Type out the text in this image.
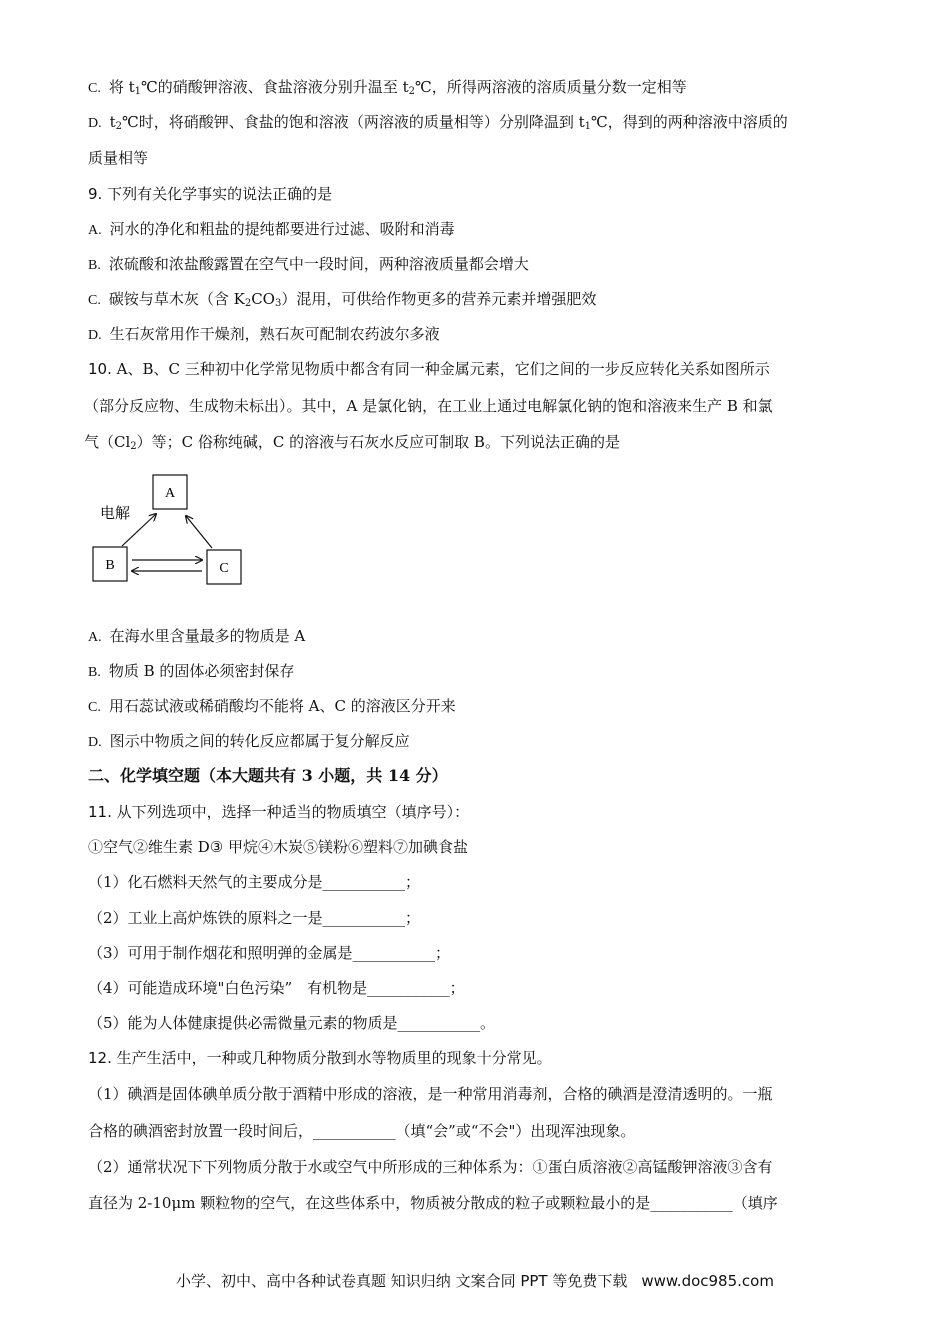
C. 将 $t_1℃$的硝酸钾溶液、食盐溶液分别升温至 $t_2℃$，所得两溶液的溶质质量分数一定相等
D. $t_2℃$时，将硝酸钾、食盐的饱和溶液（两溶液的质量相等）分别降温到 $t_1℃$，得到的两种溶液中溶质的
质量相等
9. 下列有关化学事实的说法正确的是
A. 河水的净化和粗盐的提纯都要进行过滤、吸附和消毒
B. 浓硫酸和浓盐酸露置在空气中一段时间，两种溶液质量都会增大
C. 碳铵与草木灰（含 $K_2CO_3$）混用，可供给作物更多的营养元素并增强肥效
D. 生石灰常用作干燥剂，熟石灰可配制农药波尔多液
10. A、B、C 三种初中化学常见物质中都含有同一种金属元素，它们之间的一步反应转化关系如图所示
（部分反应物、生成物未标出）。其中，A 是氯化钠，在工业上通过电解氯化钠的饱和溶液来生产 B 和氯
气$(Cl_2)$等；C 俗称纯碱，C 的溶液与石灰水反应可制取 B。下列说法正确的是
A
B	C
电解
A. 在海水里含量最多的物质是 A
B. 物质 B 的固体必须密封保存
C. 用石蕊试液或稀硝酸均不能将 A、C 的溶液区分开来
D. 图示中物质之间的转化反应都属于复分解反应
二、化学填空题（本大题共有 3 小题，共 14 分）
11. 从下列选项中，选择一种适当的物质填空（填序号）：
①空气②维生素 D③ 甲烷④木炭⑤镁粉⑥塑料⑦加碘食盐
（1）化石燃料天然气的主要成分是___________；
（2）工业上高炉炼铁的原料之一是___________；
（3）可用于制作烟花和照明弹的金属是___________；
（4）可能造成环境"白色污染”　有机物是___________；
（5）能为人体健康提供必需微量元素的物质是___________。
12. 生产生活中，一种或几种物质分散到水等物质里的现象十分常见。
（1）碘酒是固体碘单质分散于酒精中形成的溶液，是一种常用消毒剂，合格的碘酒是澄清透明的。一瓶
合格的碘酒密封放置一段时间后，___________（填“会”或“不会"）出现浑浊现象。
（2）通常状况下下列物质分散于水或空气中所形成的三种体系为：①蛋白质溶液②高锰酸钾溶液③含有
直径为 2-10μm 颗粒物的空气，在这些体系中，物质被分散成的粒子或颗粒最小的是___________（填序
小学、初中、高中各种试卷真题 知识归纳 文案合同 PPT 等免费下载 www.doc985.com
